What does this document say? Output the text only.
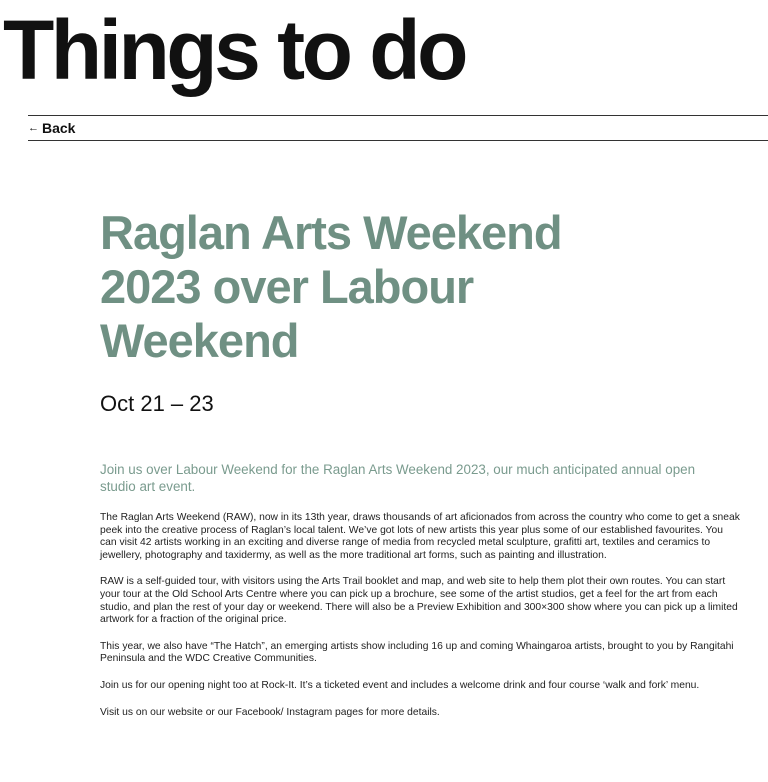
Things to do
← Back
Raglan Arts Weekend 2023 over Labour Weekend

Oct 21 – 23

Join us over Labour Weekend for the Raglan Arts Weekend 2023, our much anticipated annual open studio art event.

The Raglan Arts Weekend (RAW), now in its 13th year, draws thousands of art aficionados from across the country who come to get a sneak peek into the creative process of Raglan’s local talent. We’ve got lots of new artists this year plus some of our established favourites. You can visit 42 artists working in an exciting and diverse range of media from recycled metal sculpture, grafitti art, textiles and ceramics to jewellery, photography and taxidermy, as well as the more traditional art forms, such as painting and illustration.

RAW is a self-guided tour, with visitors using the Arts Trail booklet and map, and web site to help them plot their own routes. You can start your tour at the Old School Arts Centre where you can pick up a brochure, see some of the artist studios, get a feel for the art from each studio, and plan the rest of your day or weekend. There will also be a Preview Exhibition and 300×300 show where you can pick up a limited artwork for a fraction of the original price.

This year, we also have “The Hatch”, an emerging artists show including 16 up and coming Whaingaroa artists, brought to you by Rangitahi Peninsula and the WDC Creative Communities.

Join us for our opening night too at Rock-It. It’s a ticketed event and includes a welcome drink and four course ‘walk and fork’ menu.

Visit us on our website or our Facebook/ Instagram pages for more details.
